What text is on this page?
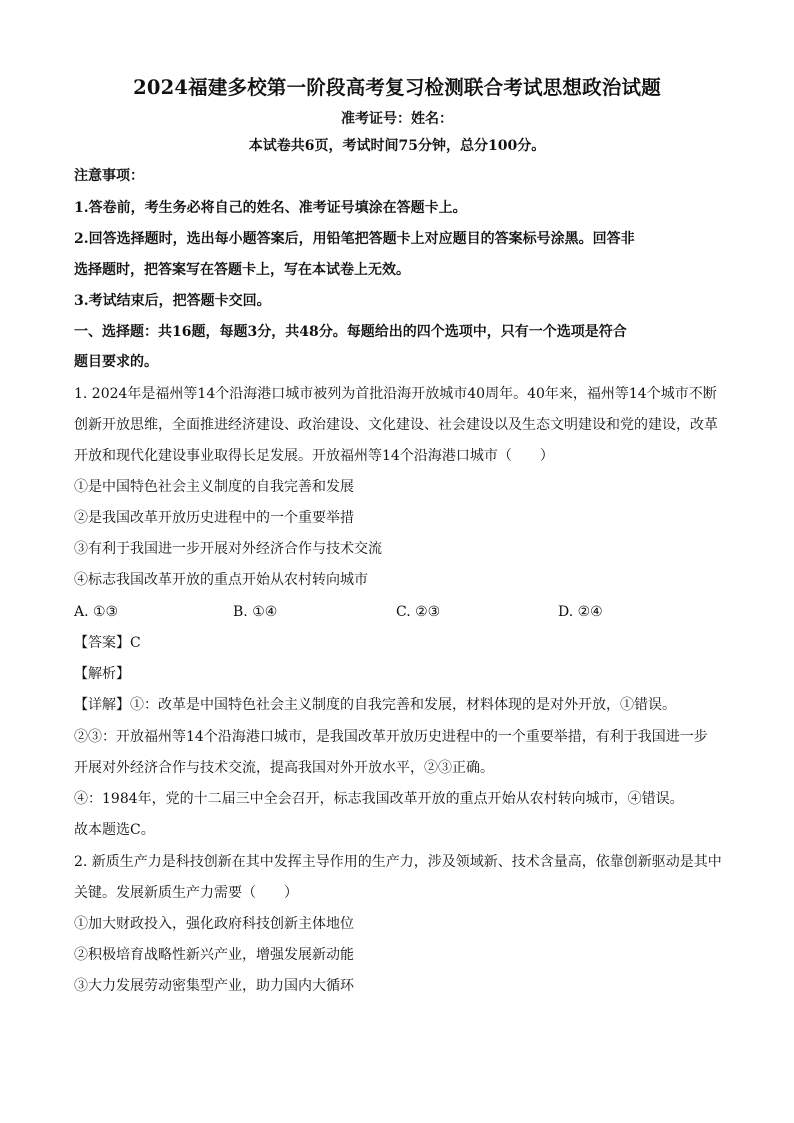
2024福建多校第一阶段高考复习检测联合考试思想政治试题
准考证号：姓名：
本试卷共6页，考试时间75分钟，总分100分。
注意事项：
1.答卷前，考生务必将自己的姓名、准考证号填涂在答题卡上。
2.回答选择题时，选出每小题答案后，用铅笔把答题卡上对应题目的答案标号涂黑。回答非
选择题时，把答案写在答题卡上，写在本试卷上无效。
3.考试结束后，把答题卡交回。
一、选择题：共16题，每题3分，共48分。每题给出的四个选项中，只有一个选项是符合
题目要求的。
1. 2024年是福州等14个沿海港口城市被列为首批沿海开放城市40周年。40年来，福州等14个城市不断
创新开放思维，全面推进经济建设、政治建设、文化建设、社会建设以及生态文明建设和党的建设，改革
开放和现代化建设事业取得长足发展。开放福州等14个沿海港口城市（　　）
①是中国特色社会主义制度的自我完善和发展
②是我国改革开放历史进程中的一个重要举措
③有利于我国进一步开展对外经济合作与技术交流
④标志我国改革开放的重点开始从农村转向城市
A. ①③	B. ①④	C. ②③	D. ②④
【答案】C
【解析】
【详解】①：改革是中国特色社会主义制度的自我完善和发展，材料体现的是对外开放，①错误。
②③：开放福州等14个沿海港口城市，是我国改革开放历史进程中的一个重要举措，有利于我国进一步
开展对外经济合作与技术交流，提高我国对外开放水平，②③正确。
④：1984年，党的十二届三中全会召开，标志我国改革开放的重点开始从农村转向城市，④错误。
故本题选C。
2. 新质生产力是科技创新在其中发挥主导作用的生产力，涉及领域新、技术含量高，依靠创新驱动是其中
关键。发展新质生产力需要（　　）
①加大财政投入，强化政府科技创新主体地位
②积极培育战略性新兴产业，增强发展新动能
③大力发展劳动密集型产业，助力国内大循环
